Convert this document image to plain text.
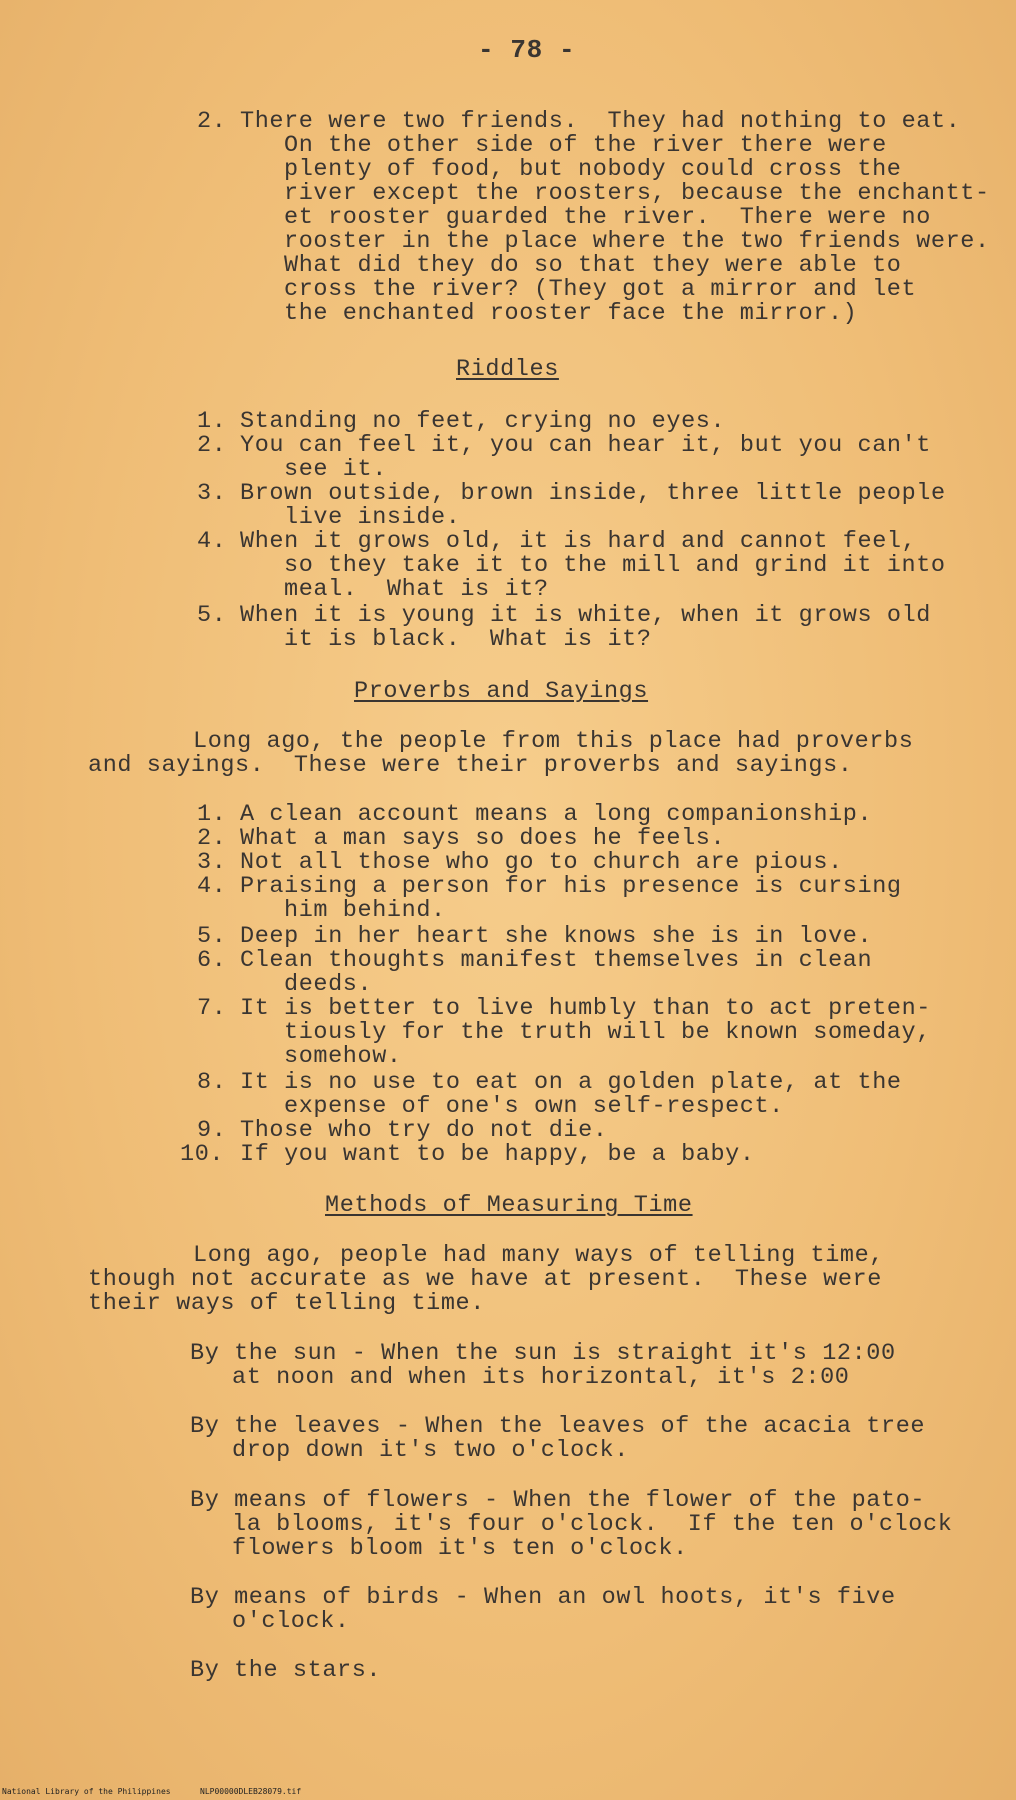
- 78 -
2. There were two friends.  They had nothing to eat.
On the other side of the river there were
plenty of food, but nobody could cross the
river except the roosters, because the enchantt-
et rooster guarded the river.  There were no
rooster in the place where the two friends were.
What did they do so that they were able to
cross the river? (They got a mirror and let
the enchanted rooster face the mirror.)
Riddles
1. Standing no feet, crying no eyes.
2. You can feel it, you can hear it, but you can't
see it.
3. Brown outside, brown inside, three little people
live inside.
4. When it grows old, it is hard and cannot feel,
so they take it to the mill and grind it into
meal.  What is it?
5. When it is young it is white, when it grows old
it is black.  What is it?
Proverbs and Sayings
Long ago, the people from this place had proverbs
and sayings.  These were their proverbs and sayings.
1. A clean account means a long companionship.
2. What a man says so does he feels.
3. Not all those who go to church are pious.
4. Praising a person for his presence is cursing
him behind.
5. Deep in her heart she knows she is in love.
6. Clean thoughts manifest themselves in clean
deeds.
7. It is better to live humbly than to act preten-
tiously for the truth will be known someday,
somehow.
8. It is no use to eat on a golden plate, at the
expense of one's own self-respect.
9. Those who try do not die.
10. If you want to be happy, be a baby.
Methods of Measuring Time
Long ago, people had many ways of telling time,
though not accurate as we have at present.  These were
their ways of telling time.
By the sun - When the sun is straight it's 12:00
at noon and when its horizontal, it's 2:00
By the leaves - When the leaves of the acacia tree
drop down it's two o'clock.
By means of flowers - When the flower of the pato-
la blooms, it's four o'clock.  If the ten o'clock
flowers bloom it's ten o'clock.
By means of birds - When an owl hoots, it's five
o'clock.
By the stars.
National Library of the Philippines	NLP00000DLEB28079.tif
